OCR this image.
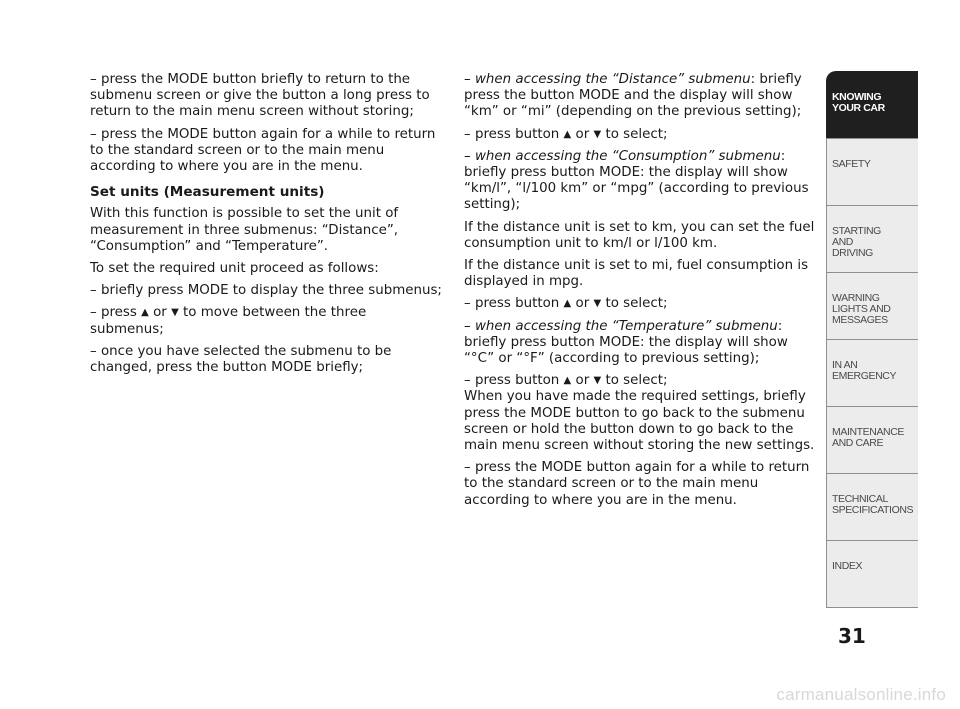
– press the MODE button briefly to return to the submenu screen or give the button a long press to return to the main menu screen without storing;

– press the MODE button again for a while to return to the standard screen or to the main menu according to where you are in the menu.

Set units (Measurement units)

With this function is possible to set the unit of measurement in three submenus: “Distance”, “Consumption” and “Temperature”.

To set the required unit proceed as follows:

– briefly press MODE to display the three submenus;

– press ▲ or ▼ to move between the three submenus;

– once you have selected the submenu to be changed, press the button MODE briefly;

– when accessing the “Distance” submenu: briefly press the button MODE and the display will show “km” or “mi” (depending on the previous setting);

– press button ▲ or ▼ to select;

– when accessing the “Consumption” submenu: briefly press button MODE: the display will show “km/l”, “l/100 km” or “mpg” (according to previous setting);

If the distance unit is set to km, you can set the fuel consumption unit to km/l or l/100 km.

If the distance unit is set to mi, fuel consumption is displayed in mpg.

– press button ▲ or ▼ to select;

– when accessing the “Temperature” submenu: briefly press button MODE: the display will show “°C” or “°F” (according to previous setting);

– press button ▲ or ▼ to select;

When you have made the required settings, briefly press the MODE button to go back to the submenu screen or hold the button down to go back to the main menu screen without storing the new settings.

– press the MODE button again for a while to return to the standard screen or to the main menu according to where you are in the menu.

KNOWING
YOUR CAR
SAFETY
STARTING
AND
DRIVING
WARNING
LIGHTS AND
MESSAGES
IN AN
EMERGENCY
MAINTENANCE
AND CARE
TECHNICAL
SPECIFICATIONS
INDEX
31
carmanualsonline.info
